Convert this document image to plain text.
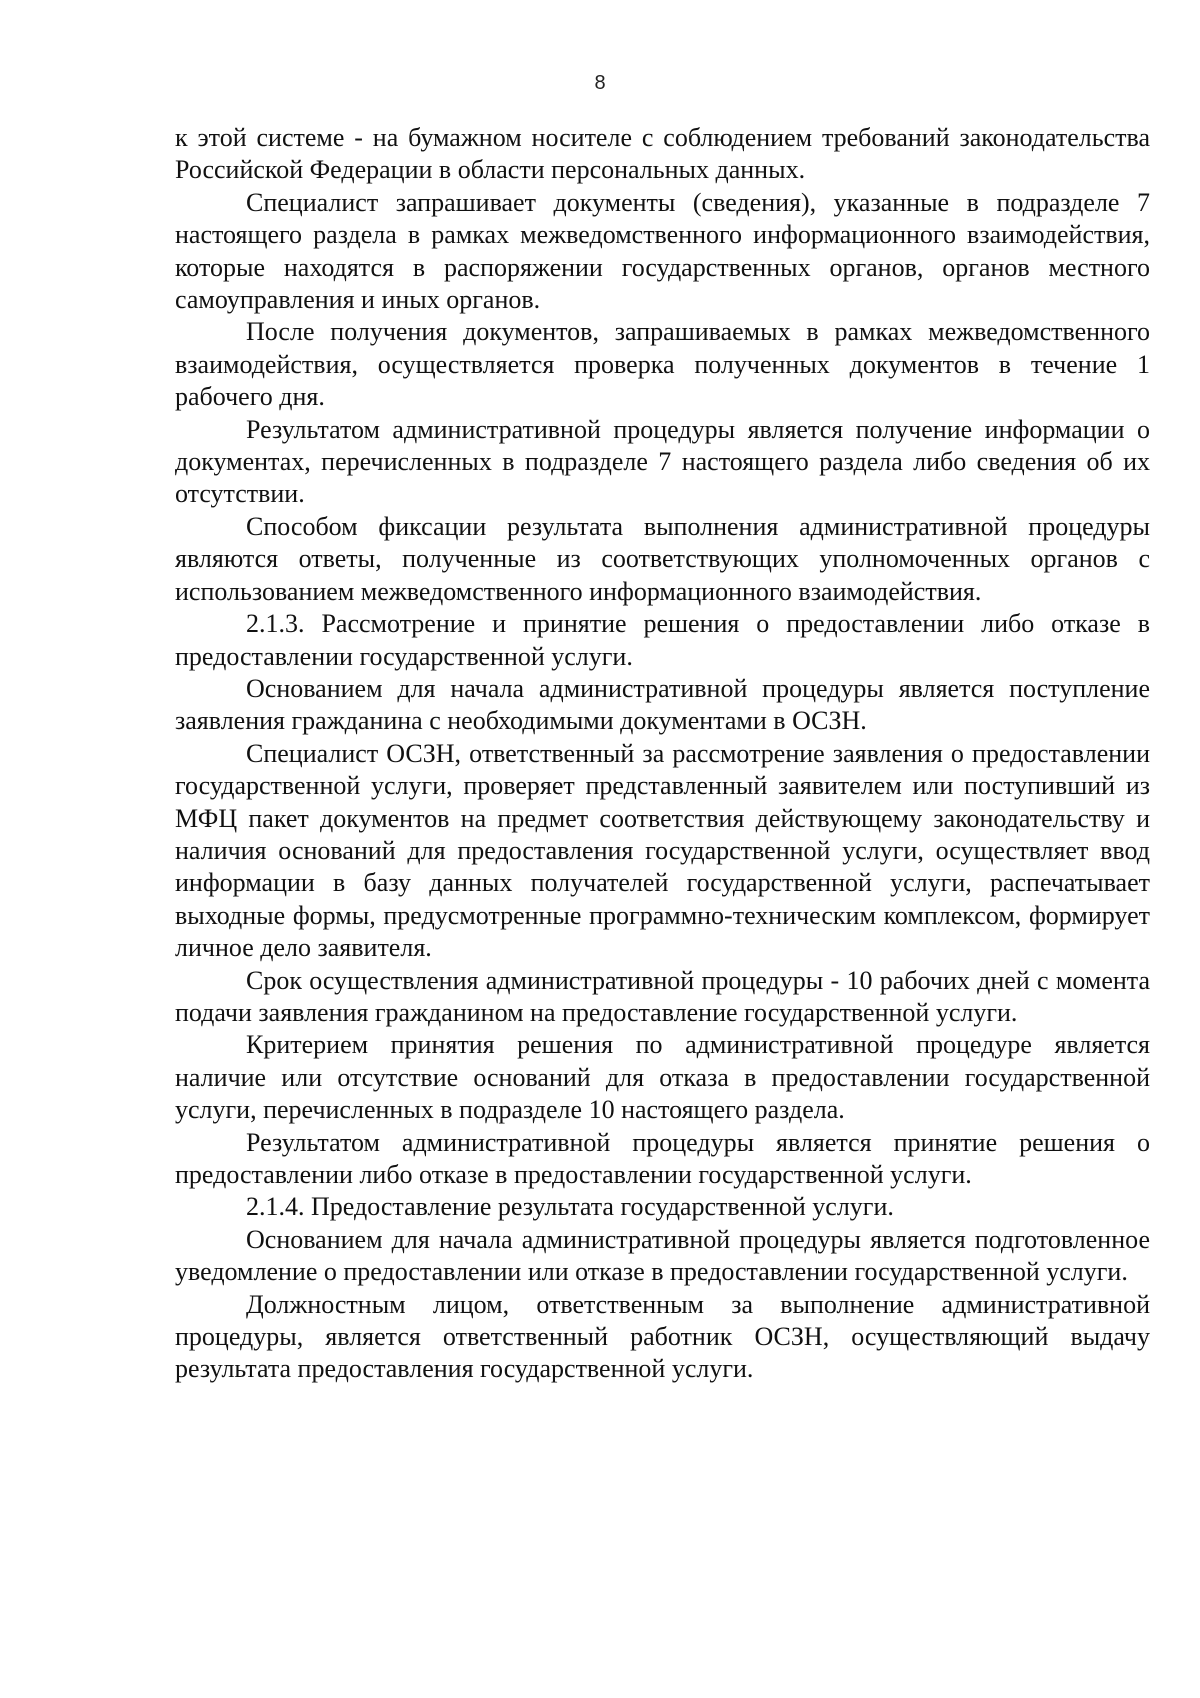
8

к этой системе - на бумажном носителе с соблюдением требований законодательства Российской Федерации в области персональных данных.

Специалист запрашивает документы (сведения), указанные в подразделе 7 настоящего раздела в рамках межведомственного информационного взаимодействия, которые находятся в распоряжении государственных органов, органов местного самоуправления и иных органов.

После получения документов, запрашиваемых в рамках межведомственного взаимодействия, осуществляется проверка полученных документов в течение 1 рабочего дня.

Результатом административной процедуры является получение информации о документах, перечисленных в подразделе 7 настоящего раздела либо сведения об их отсутствии.

Способом фиксации результата выполнения административной процедуры являются ответы, полученные из соответствующих уполномоченных органов с использованием межведомственного информационного взаимодействия.

2.1.3. Рассмотрение и принятие решения о предоставлении либо отказе в предоставлении государственной услуги.

Основанием для начала административной процедуры является поступление заявления гражданина с необходимыми документами в ОСЗН.

Специалист ОСЗН, ответственный за рассмотрение заявления о предоставлении государственной услуги, проверяет представленный заявителем или поступивший из МФЦ пакет документов на предмет соответствия действующему законодательству и наличия оснований для предоставления государственной услуги, осуществляет ввод информации в базу данных получателей государственной услуги, распечатывает выходные формы, предусмотренные программно-техническим комплексом, формирует личное дело заявителя.

Срок осуществления административной процедуры - 10 рабочих дней с момента подачи заявления гражданином на предоставление государственной услуги.

Критерием принятия решения по административной процедуре является наличие или отсутствие оснований для отказа в предоставлении государственной услуги, перечисленных в подразделе 10 настоящего раздела.

Результатом административной процедуры является принятие решения о предоставлении либо отказе в предоставлении государственной услуги.

2.1.4. Предоставление результата государственной услуги.

Основанием для начала административной процедуры является подготовленное уведомление о предоставлении или отказе в предоставлении государственной услуги.

Должностным лицом, ответственным за выполнение административной процедуры, является ответственный работник ОСЗН, осуществляющий выдачу результата предоставления государственной услуги.
